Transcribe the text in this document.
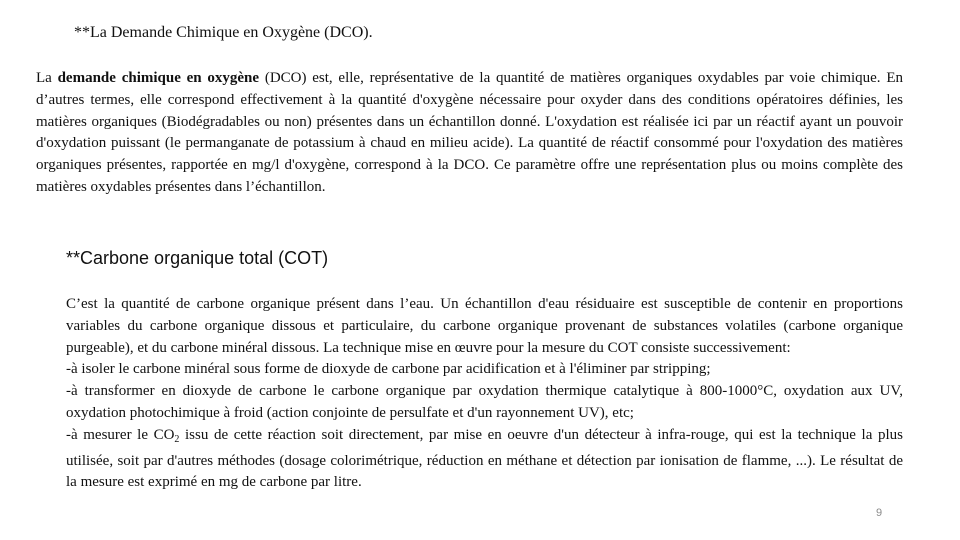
**La Demande Chimique en Oxygène (DCO).
La demande chimique en oxygène (DCO) est, elle, représentative de la quantité de matières organiques oxydables par voie chimique. En d’autres termes, elle correspond effectivement à la quantité d'oxygène nécessaire pour oxyder dans des conditions opératoires définies, les matières organiques (Biodégradables ou non) présentes dans un échantillon donné. L'oxydation est réalisée ici par un réactif ayant un pouvoir d'oxydation puissant (le permanganate de potassium à chaud en milieu acide). La quantité de réactif consommé pour l'oxydation des matières organiques présentes, rapportée en mg/l d'oxygène, correspond à la DCO. Ce paramètre offre une représentation plus ou moins complète des matières oxydables présentes dans l’échantillon.
**Carbone organique total (COT)
C’est la quantité de carbone organique présent dans l’eau. Un échantillon d'eau résiduaire est susceptible de contenir en proportions variables du carbone organique dissous et particulaire, du carbone organique provenant de substances volatiles (carbone organique purgeable), et du carbone minéral dissous. La technique mise en œuvre pour la mesure du COT consiste successivement:
-à isoler le carbone minéral sous forme de dioxyde de carbone par acidification et à l'éliminer par stripping;
-à transformer en dioxyde de carbone le carbone organique par oxydation thermique catalytique à 800-1000°C, oxydation aux UV, oxydation photochimique à froid (action conjointe de persulfate et d'un rayonnement UV), etc;
-à mesurer le $CO_2$ issu de cette réaction soit directement, par mise en oeuvre d'un détecteur à infra-rouge, qui est la technique la plus utilisée, soit par d'autres méthodes (dosage colorimétrique, réduction en méthane et détection par ionisation de flamme, ...). Le résultat de la mesure est exprimé en mg de carbone par litre.
9
